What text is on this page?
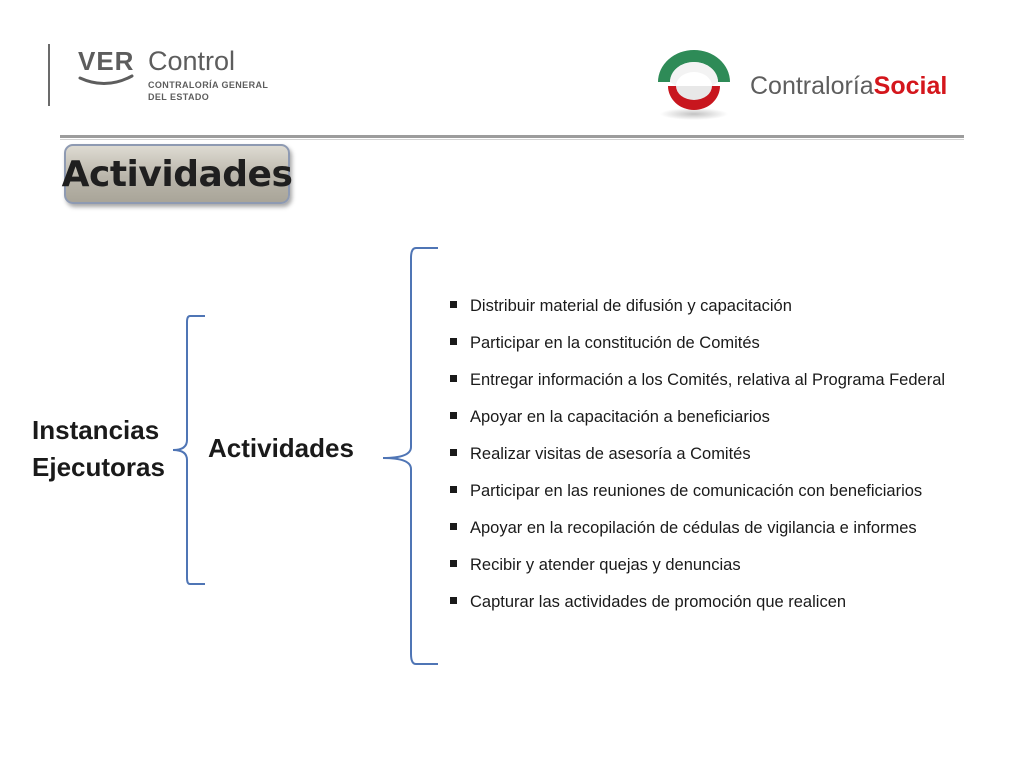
VER Control
CONTRALORÍA GENERAL
DEL ESTADO	ContraloríaSocial
Actividades
Instancias
Ejecutoras
Actividades
Distribuir material de difusión y capacitación
Participar en la constitución de Comités
Entregar información a los Comités, relativa al Programa Federal
Apoyar en la capacitación a beneficiarios
Realizar visitas de asesoría a Comités
Participar en las reuniones de comunicación con beneficiarios
Apoyar en la recopilación de cédulas de vigilancia e informes
Recibir y atender quejas y denuncias
Capturar las actividades de promoción que realicen
